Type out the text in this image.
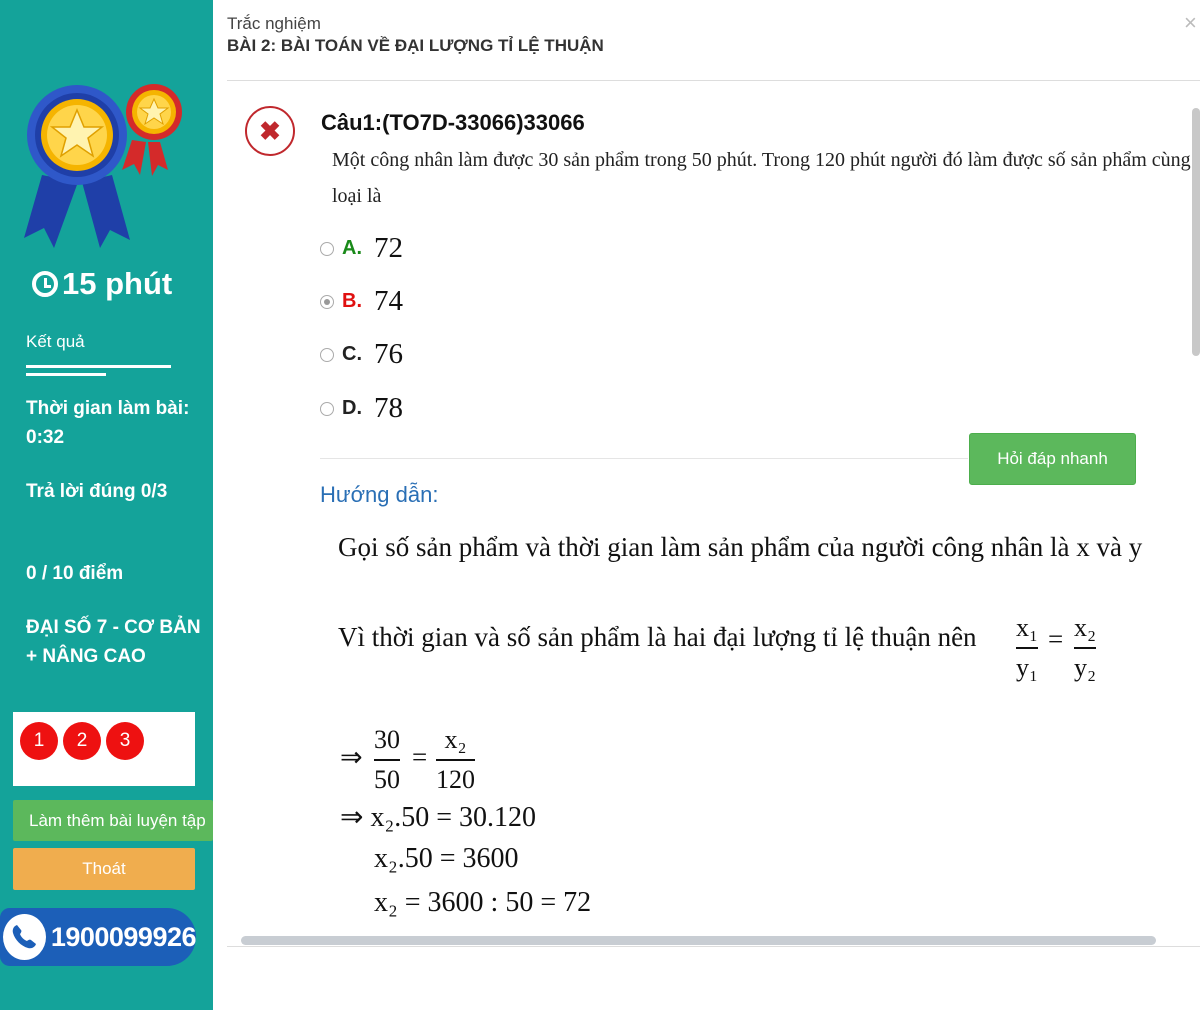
15 phút
Kết quả
Thời gian làm bài: 0:32
Trả lời đúng 0/3
0 / 10 điểm
ĐẠI SỐ 7 - CƠ BẢN + NÂNG CAO
1	2	3
Làm thêm bài luyện tập
Thoát
1900099926
Trắc nghiệm
BÀI 2: BÀI TOÁN VỀ ĐẠI LƯỢNG TỈ LỆ THUẬN
×
✖	Câu1:(TO7D-33066)33066
Một công nhân làm được 30 sản phẩm trong 50 phút. Trong 120 phút người đó làm được số sản phẩm cùng loại là
A. 72
B. 74
C. 76
D. 78
Hỏi đáp nhanh
Hướng dẫn:
Gọi số sản phẩm và thời gian làm sản phẩm của người công nhân là x và y
Vì thời gian và số sản phẩm là hai đại lượng tỉ lệ thuận nên x₁
y₁
= x₂
y₂
⇒
30
50
=
x₂
120
⇒ x₂.50 = 30.120
x₂.50 = 3600
x₂ = 3600 : 50 = 72
